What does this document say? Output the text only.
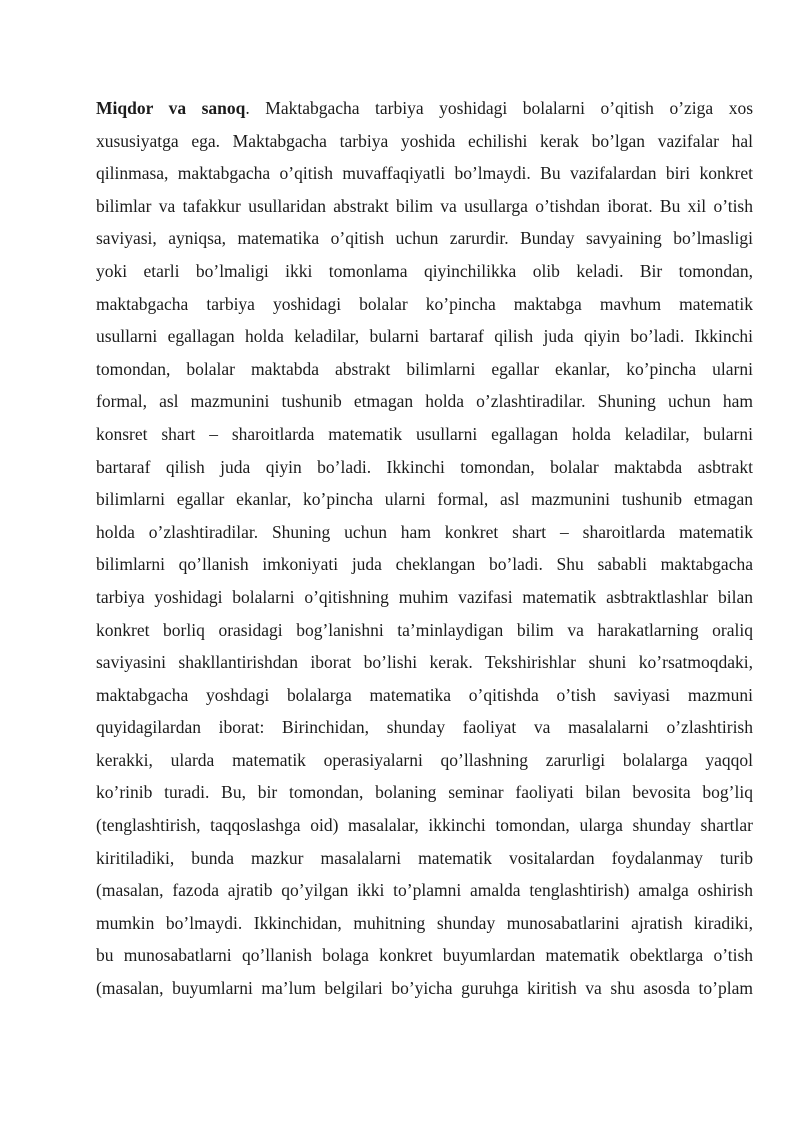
Miqdor va sanoq. Maktabgacha tarbiya yoshidagi bolalarni o’qitish o’ziga xos
xususiyatga ega. Maktabgacha tarbiya yoshida echilishi kerak bo’lgan vazifalar hal
qilinmasa, maktabgacha o’qitish muvaffaqiyatli bo’lmaydi. Bu vazifalardan biri konkret
bilimlar va tafakkur usullaridan abstrakt bilim va usullarga o’tishdan iborat. Bu xil o’tish
saviyasi, ayniqsa, matematika o’qitish uchun zarurdir. Bunday savyaining bo’lmasligi
yoki etarli bo’lmaligi ikki tomonlama qiyinchilikka olib keladi. Bir tomondan,
maktabgacha tarbiya yoshidagi bolalar ko’pincha maktabga mavhum matematik
usullarni egallagan holda keladilar, bularni bartaraf qilish juda qiyin bo’ladi. Ikkinchi
tomondan, bolalar maktabda abstrakt bilimlarni egallar ekanlar, ko’pincha ularni
formal, asl mazmunini tushunib etmagan holda o’zlashtiradilar. Shuning uchun ham
konsret shart – sharoitlarda matematik usullarni egallagan holda keladilar, bularni
bartaraf qilish juda qiyin bo’ladi. Ikkinchi tomondan, bolalar maktabda asbtrakt
bilimlarni egallar ekanlar, ko’pincha ularni formal, asl mazmunini tushunib etmagan
holda o’zlashtiradilar. Shuning uchun ham konkret shart – sharoitlarda matematik
bilimlarni qo’llanish imkoniyati juda cheklangan bo’ladi. Shu sababli maktabgacha
tarbiya yoshidagi bolalarni o’qitishning muhim vazifasi matematik asbtraktlashlar bilan
konkret borliq orasidagi bog’lanishni ta’minlaydigan bilim va harakatlarning oraliq
saviyasini shakllantirishdan iborat bo’lishi kerak. Tekshirishlar shuni ko’rsatmoqdaki,
maktabgacha yoshdagi bolalarga matematika o’qitishda o’tish saviyasi mazmuni
quyidagilardan iborat: Birinchidan, shunday faoliyat va masalalarni o’zlashtirish
kerakki, ularda matematik operasiyalarni qo’llashning zarurligi bolalarga yaqqol
ko’rinib turadi. Bu, bir tomondan, bolaning seminar faoliyati bilan bevosita bog’liq
(tenglashtirish, taqqoslashga oid) masalalar, ikkinchi tomondan, ularga shunday shartlar
kiritiladiki, bunda mazkur masalalarni matematik vositalardan foydalanmay turib
(masalan, fazoda ajratib qo’yilgan ikki to’plamni amalda tenglashtirish) amalga oshirish
mumkin bo’lmaydi. Ikkinchidan, muhitning shunday munosabatlarini ajratish kiradiki,
bu munosabatlarni qo’llanish bolaga konkret buyumlardan matematik obektlarga o’tish
(masalan, buyumlarni ma’lum belgilari bo’yicha guruhga kiritish va shu asosda to’plam
